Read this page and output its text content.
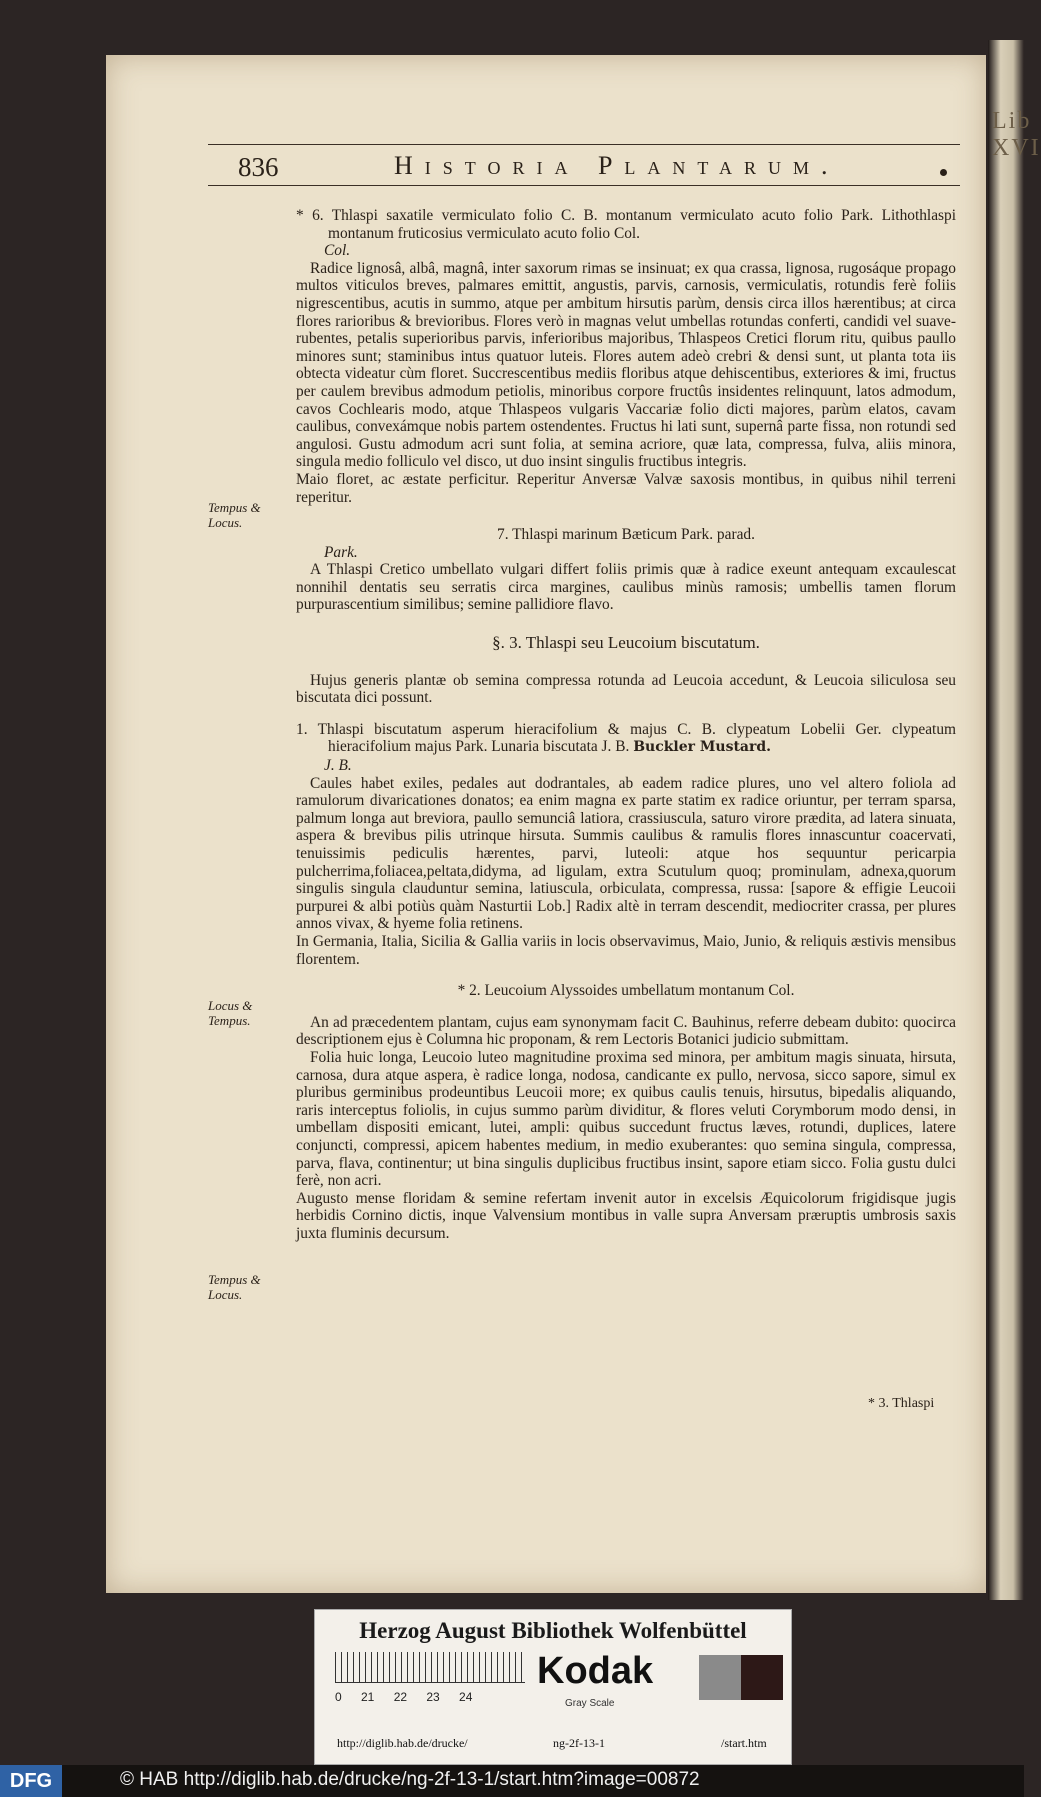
Lib XVI
836	Historia Plantarum.
Tempus & Locus.
Locus & Tempus.
Tempus & Locus.

* 6. Thlaspi saxatile vermiculato folio C. B. montanum vermiculato acuto folio Park. Lithothlaspi montanum fruticosius vermiculato acuto folio Col.

Col.

Radice lignosâ, albâ, magnâ, inter saxorum rimas se insinuat; ex qua crassa, lignosa, rugosáque propago multos viticulos breves, palmares emittit, angustis, parvis, carnosis, vermiculatis, rotundis ferè foliis nigrescentibus, acutis in summo, atque per ambitum hirsutis parùm, densis circa illos hærentibus; at circa flores rarioribus & brevioribus. Flores verò in magnas velut umbellas rotundas conferti, candidi vel suave-rubentes, petalis superioribus parvis, inferioribus majoribus, Thlaspeos Cretici florum ritu, quibus paullo minores sunt; staminibus intus quatuor luteis. Flores autem adeò crebri & densi sunt, ut planta tota iis obtecta videatur cùm floret. Succrescentibus mediis floribus atque dehiscentibus, exteriores & imi, fructus per caulem brevibus admodum petiolis, minoribus corpore fructûs insidentes relinquunt, latos admodum, cavos Cochlearis modo, atque Thlaspeos vulgaris Vaccariæ folio dicti majores, parùm elatos, cavam caulibus, convexámque nobis partem ostendentes. Fructus hi lati sunt, supernâ parte fissa, non rotundi sed angulosi. Gustu admodum acri sunt folia, at semina acriore, quæ lata, compressa, fulva, aliis minora, singula medio folliculo vel disco, ut duo insint singulis fructibus integris.

Maio floret, ac æstate perficitur. Reperitur Anversæ Valvæ saxosis montibus, in quibus nihil terreni reperitur.

7. Thlaspi marinum Bæticum Park. parad.

Park.

A Thlaspi Cretico umbellato vulgari differt foliis primis quæ à radice exeunt antequam excaulescat nonnihil dentatis seu serratis circa margines, caulibus minùs ramosis; umbellis tamen florum purpurascentium similibus; semine pallidiore flavo.

§. 3. Thlaspi seu Leucoium biscutatum.

Hujus generis plantæ ob semina compressa rotunda ad Leucoia accedunt, & Leucoia siliculosa seu biscutata dici possunt.

1. Thlaspi biscutatum asperum hieracifolium & majus C. B. clypeatum Lobelii Ger. clypeatum hieracifolium majus Park. Lunaria biscutata J. B. Buckler Mustard.

J. B.

Caules habet exiles, pedales aut dodrantales, ab eadem radice plures, uno vel altero foliola ad ramulorum divaricationes donatos; ea enim magna ex parte statim ex radice oriuntur, per terram sparsa, palmum longa aut breviora, paullo semunciâ latiora, crassiuscula, saturo virore prædita, ad latera sinuata, aspera & brevibus pilis utrinque hirsuta. Summis caulibus & ramulis flores innascuntur coacervati, tenuissimis pediculis hærentes, parvi, luteoli: atque hos sequuntur pericarpia pulcherrima,foliacea,peltata,didyma, ad ligulam, extra Scutulum quoq; prominulam, adnexa,quorum singulis singula clauduntur semina, latiuscula, orbiculata, compressa, russa: [sapore & effigie Leucoii purpurei & albi potiùs quàm Nasturtii Lob.] Radix altè in terram descendit, mediocriter crassa, per plures annos vivax, & hyeme folia retinens.

In Germania, Italia, Sicilia & Gallia variis in locis observavimus, Maio, Junio, & reliquis æstivis mensibus florentem.

* 2. Leucoium Alyssoides umbellatum montanum Col.

An ad præcedentem plantam, cujus eam synonymam facit C. Bauhinus, referre debeam dubito: quocirca descriptionem ejus è Columna hic proponam, & rem Lectoris Botanici judicio submittam.

Folia huic longa, Leucoio luteo magnitudine proxima sed minora, per ambitum magis sinuata, hirsuta, carnosa, dura atque aspera, è radice longa, nodosa, candicante ex pullo, nervosa, sicco sapore, simul ex pluribus germinibus prodeuntibus Leucoii more; ex quibus caulis tenuis, hirsutus, bipedalis aliquando, raris interceptus foliolis, in cujus summo parùm dividitur, & flores veluti Corymborum modo densi, in umbellam dispositi emicant, lutei, ampli: quibus succedunt fructus læves, rotundi, duplices, latere conjuncti, compressi, apicem habentes medium, in medio exuberantes: quo semina singula, compressa, parva, flava, continentur; ut bina singulis duplicibus fructibus insint, sapore etiam sicco. Folia gustu dulci ferè, non acri.

Augusto mense floridam & semine refertam invenit autor in excelsis Æquicolorum frigidisque jugis herbidis Cornino dictis, inque Valvensium montibus in valle supra Anversam præruptis umbrosis saxis juxta fluminis decursum.

* 3. Thlaspi
Herzog August Bibliothek Wolfenbüttel
0 21 22 23 24
Kodak
Gray Scale
http://diglib.hab.de/drucke/	ng-2f-13-1	/start.htm
DFG	© HAB http://diglib.hab.de/drucke/ng-2f-13-1/start.htm?image=00872
